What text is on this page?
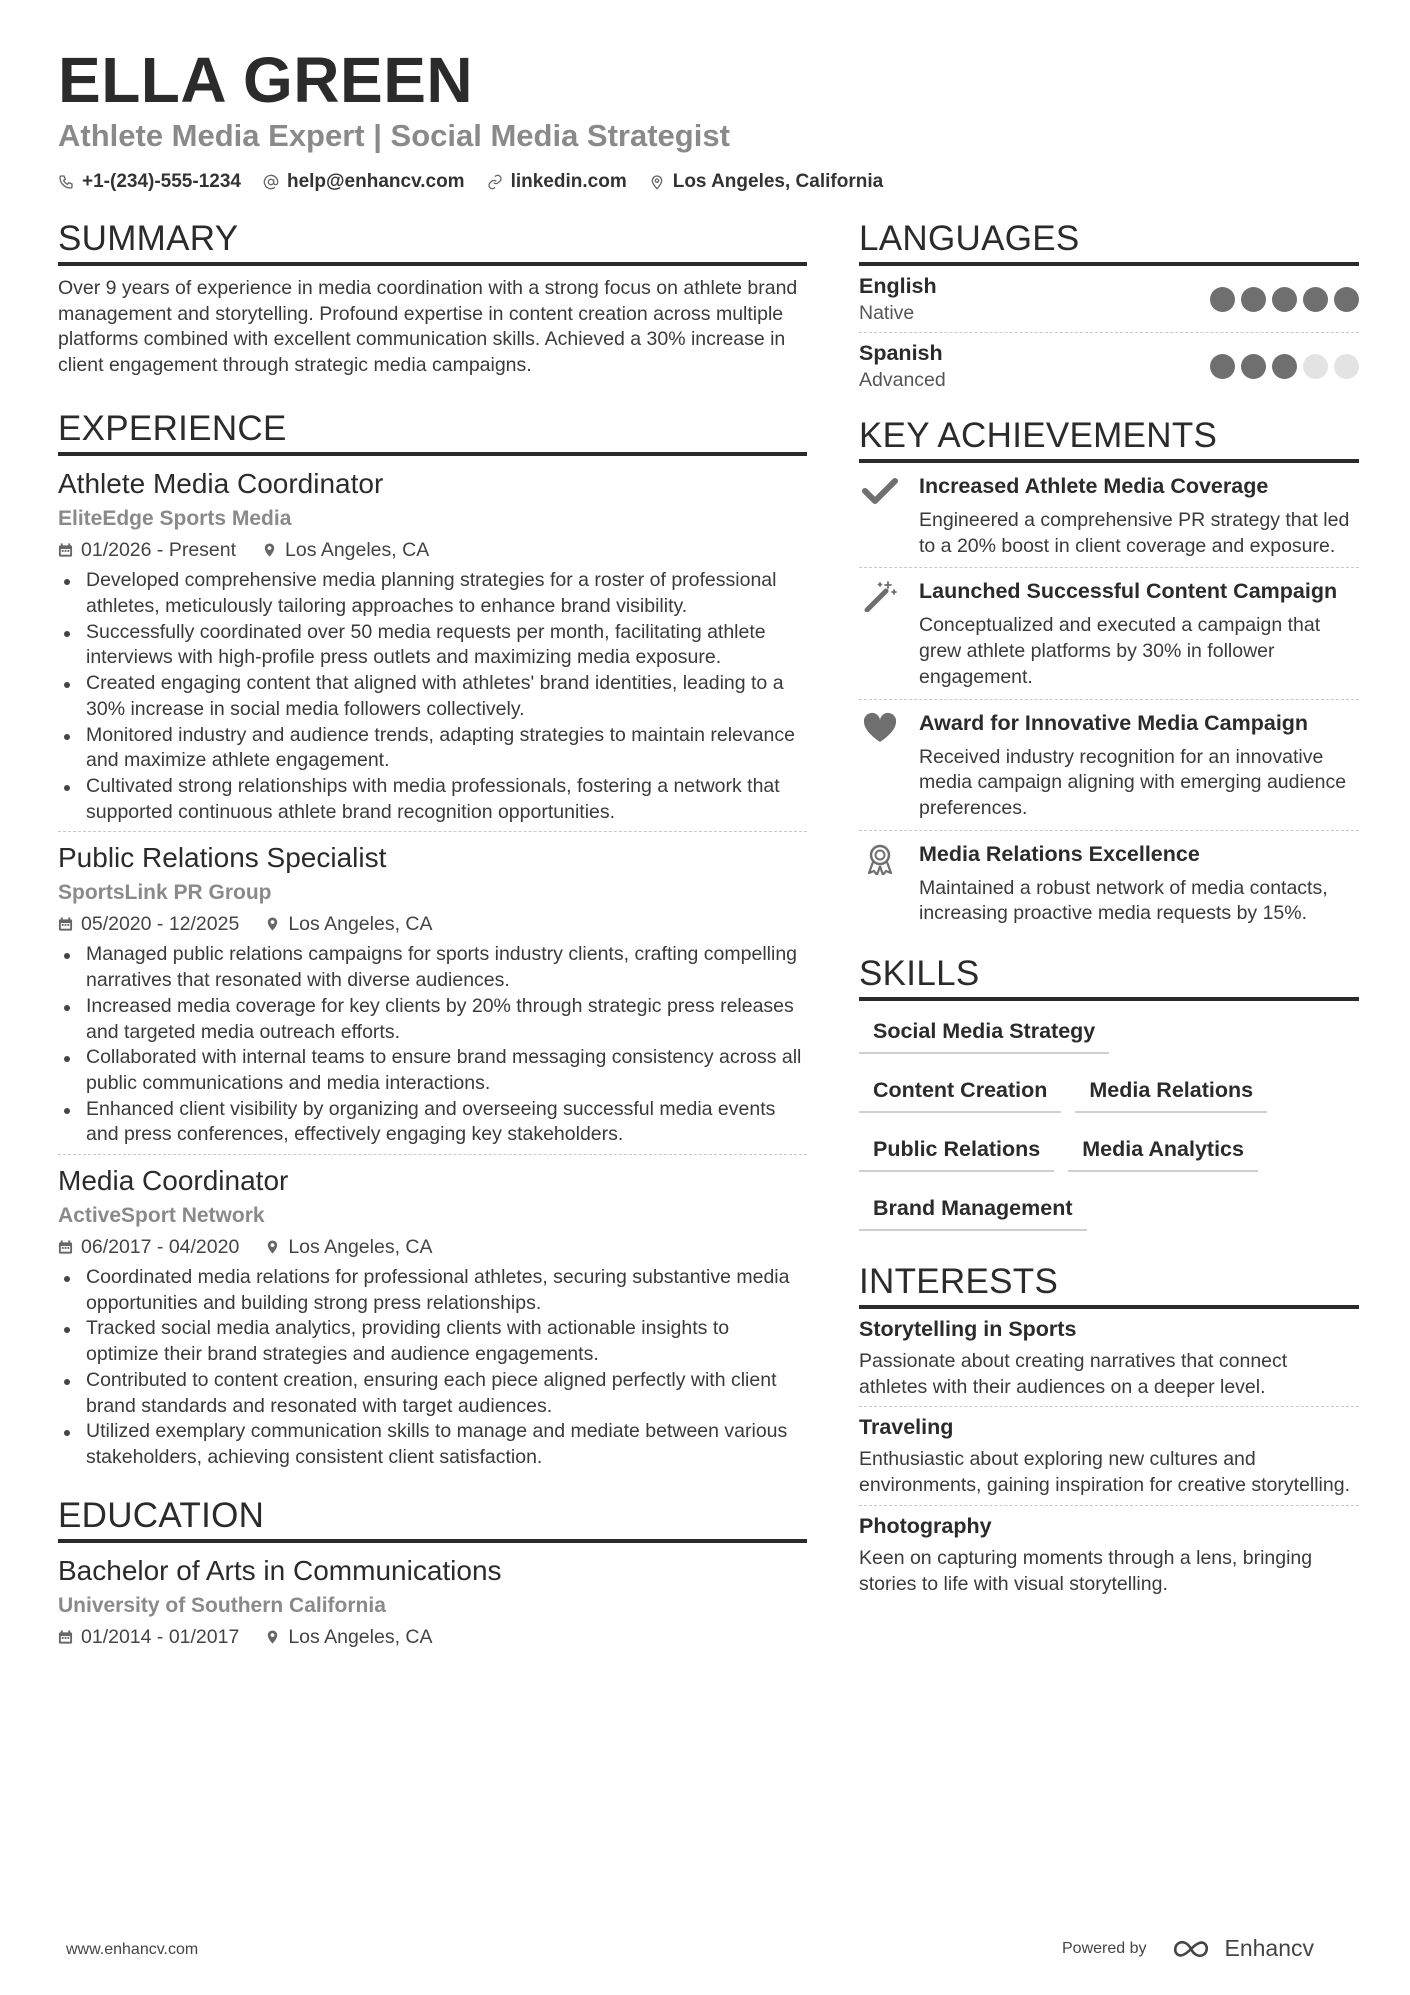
ELLA GREEN
Athlete Media Expert | Social Media Strategist
+1-(234)-555-1234 help@enhancv.com linkedin.com Los Angeles, California
SUMMARY
Over 9 years of experience in media coordination with a strong focus on athlete brand management and storytelling. Profound expertise in content creation across multiple platforms combined with excellent communication skills. Achieved a 30% increase in client engagement through strategic media campaigns.
EXPERIENCE
Athlete Media Coordinator
EliteEdge Sports Media
01/2026 - Present	Los Angeles, CA
Developed comprehensive media planning strategies for a roster of professional athletes, meticulously tailoring approaches to enhance brand visibility.
Successfully coordinated over 50 media requests per month, facilitating athlete interviews with high-profile press outlets and maximizing media exposure.
Created engaging content that aligned with athletes' brand identities, leading to a 30% increase in social media followers collectively.
Monitored industry and audience trends, adapting strategies to maintain relevance and maximize athlete engagement.
Cultivated strong relationships with media professionals, fostering a network that supported continuous athlete brand recognition opportunities.
Public Relations Specialist
SportsLink PR Group
05/2020 - 12/2025	Los Angeles, CA
Managed public relations campaigns for sports industry clients, crafting compelling narratives that resonated with diverse audiences.
Increased media coverage for key clients by 20% through strategic press releases and targeted media outreach efforts.
Collaborated with internal teams to ensure brand messaging consistency across all public communications and media interactions.
Enhanced client visibility by organizing and overseeing successful media events and press conferences, effectively engaging key stakeholders.
Media Coordinator
ActiveSport Network
06/2017 - 04/2020	Los Angeles, CA
Coordinated media relations for professional athletes, securing substantive media opportunities and building strong press relationships.
Tracked social media analytics, providing clients with actionable insights to optimize their brand strategies and audience engagements.
Contributed to content creation, ensuring each piece aligned perfectly with client brand standards and resonated with target audiences.
Utilized exemplary communication skills to manage and mediate between various stakeholders, achieving consistent client satisfaction.
EDUCATION
Bachelor of Arts in Communications
University of Southern California
01/2014 - 01/2017	Los Angeles, CA
LANGUAGES
English
Native
Spanish
Advanced
KEY ACHIEVEMENTS
Increased Athlete Media Coverage
Engineered a comprehensive PR strategy that led to a 20% boost in client coverage and exposure.
Launched Successful Content Campaign
Conceptualized and executed a campaign that grew athlete platforms by 30% in follower engagement.
Award for Innovative Media Campaign
Received industry recognition for an innovative media campaign aligning with emerging audience preferences.
Media Relations Excellence
Maintained a robust network of media contacts, increasing proactive media requests by 15%.
SKILLS
Social Media Strategy
Content Creation	Media Relations
Public Relations	Media Analytics
Brand Management
INTERESTS
Storytelling in Sports
Passionate about creating narratives that connect athletes with their audiences on a deeper level.
Traveling
Enthusiastic about exploring new cultures and environments, gaining inspiration for creative storytelling.
Photography
Keen on capturing moments through a lens, bringing stories to life with visual storytelling.
www.enhancv.com	Powered by	Enhancv
